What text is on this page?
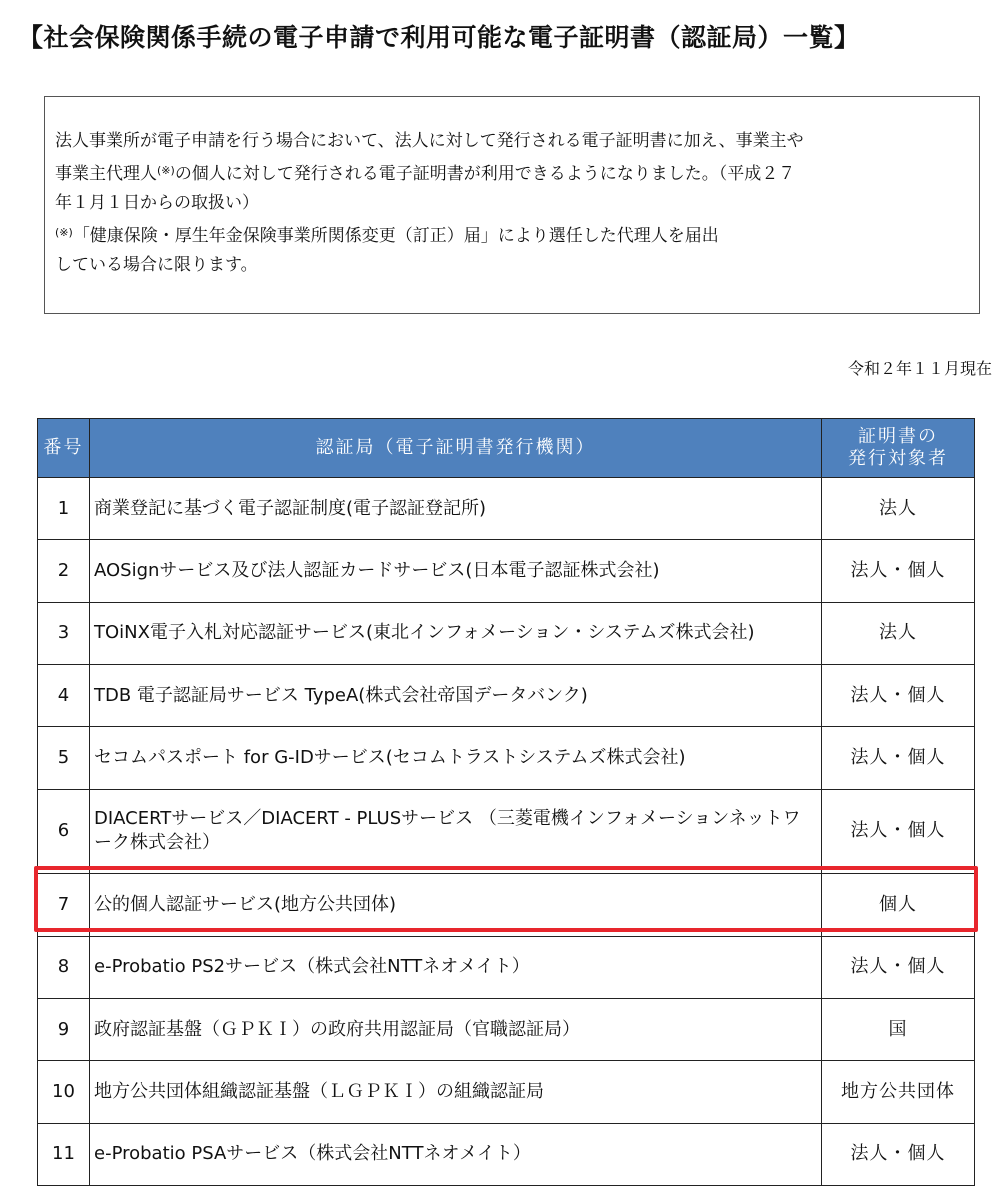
【社会保険関係手続の電子申請で利用可能な電子証明書（認証局）一覧】

法人事業所が電子申請を行う場合において、法人に対して発行される電子証明書に加え、事業主や

事業主代理人(※)の個人に対して発行される電子証明書が利用できるようになりました。（平成２７

年１月１日からの取扱い）

(※)「健康保険・厚生年金保険事業所関係変更（訂正）届」により選任した代理人を届出

している場合に限ります。

令和２年１１月現在
番号	認証局（電子証明書発行機関）	証明書の
発行対象者
1	商業登記に基づく電子認証制度(電子認証登記所)	法人
2	AOSignサービス及び法人認証カードサービス(日本電子認証株式会社)	法人・個人
3	TOiNX電子入札対応認証サービス(東北インフォメーション・システムズ株式会社)	法人
4	TDB 電子認証局サービス TypeA(株式会社帝国データバンク)	法人・個人
5	セコムパスポート for G-IDサービス(セコムトラストシステムズ株式会社)	法人・個人
6	DIACERTサービス／DIACERT - PLUSサービス （三菱電機インフォメーションネットワーク株式会社）	法人・個人
7	公的個人認証サービス(地方公共団体)	個人
8	e-Probatio PS2サービス（株式会社NTTネオメイト）	法人・個人
9	政府認証基盤（ＧＰＫＩ）の政府共用認証局（官職認証局）	国
10	地方公共団体組織認証基盤（ＬＧＰＫＩ）の組織認証局	地方公共団体
11	e-Probatio PSAサービス（株式会社NTTネオメイト）	法人・個人
